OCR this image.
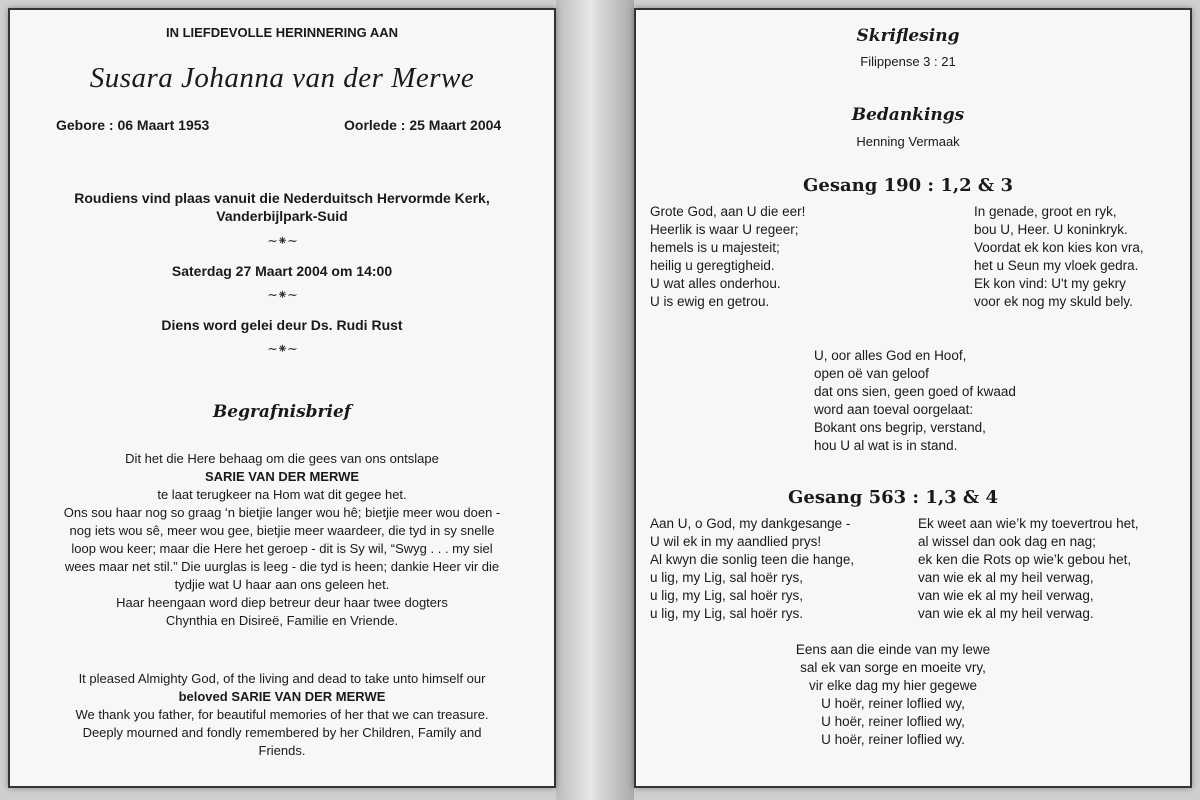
IN LIEFDEVOLLE HERINNERING AAN
Susara Johanna van der Merwe
Gebore : 06 Maart 1953	Oorlede : 25 Maart 2004
Roudiens vind plaas vanuit die Nederduitsch Hervormde Kerk,
Vanderbijlpark-Suid
~⁕~
Saterdag 27 Maart 2004 om 14:00
~⁕~
Diens word gelei deur Ds. Rudi Rust
~⁕~
Begrafnisbrief
Dit het die Here behaag om die gees van ons ontslape
SARIE VAN DER MERWE
te laat terugkeer na Hom wat dit gegee het.
Ons sou haar nog so graag ‘n bietjie langer wou hê; bietjie meer wou doen -
nog iets wou sê, meer wou gee, bietjie meer waardeer, die tyd in sy snelle
loop wou keer; maar die Here het geroep - dit is Sy wil, “Swyg . . . my siel
wees maar net stil.” Die uurglas is leeg - die tyd is heen; dankie Heer vir die
tydjie wat U haar aan ons geleen het.
Haar heengaan word diep betreur deur haar twee dogters
Chynthia en Disireë, Familie en Vriende.
It pleased Almighty God, of the living and dead to take unto himself our
beloved SARIE VAN DER MERWE
We thank you father, for beautiful memories of her that we can treasure.
Deeply mourned and fondly remembered by her Children, Family and
Friends.
Skriflesing
Filippense 3 : 21
Bedankings
Henning Vermaak
Gesang 190 : 1,2 & 3
Grote God, aan U die eer!
Heerlik is waar U regeer;
hemels is u majesteit;
heilig u geregtigheid.
U wat alles onderhou.
U is ewig en getrou.
In genade, groot en ryk,
bou U, Heer. U koninkryk.
Voordat ek kon kies kon vra,
het u Seun my vloek gedra.
Ek kon vind: U't my gekry
voor ek nog my skuld bely.
U, oor alles God en Hoof,
open oë van geloof
dat ons sien, geen goed of kwaad
word aan toeval oorgelaat:
Bokant ons begrip, verstand,
hou U al wat is in stand.
Gesang 563 : 1,3 & 4
Aan U, o God, my dankgesange -
U wil ek in my aandlied prys!
Al kwyn die sonlig teen die hange,
u lig, my Lig, sal hoër rys,
u lig, my Lig, sal hoër rys,
u lig, my Lig, sal hoër rys.
Ek weet aan wie’k my toevertrou het,
al wissel dan ook dag en nag;
ek ken die Rots op wie’k gebou het,
van wie ek al my heil verwag,
van wie ek al my heil verwag,
van wie ek al my heil verwag.
Eens aan die einde van my lewe
sal ek van sorge en moeite vry,
vir elke dag my hier gegewe
U hoër, reiner loflied wy,
U hoër, reiner loflied wy,
U hoër, reiner loflied wy.
